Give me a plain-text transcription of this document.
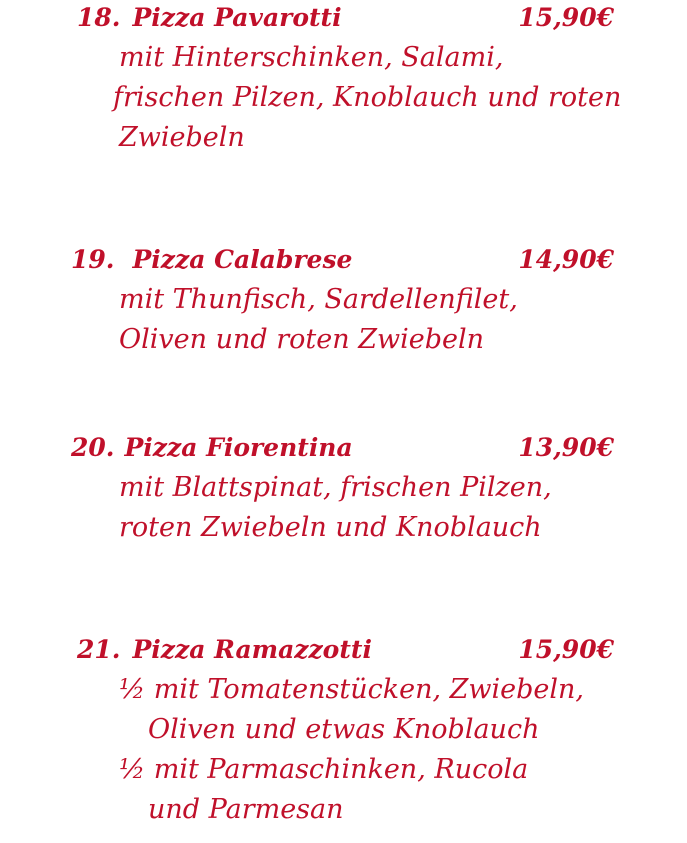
18. Pizza Pavarotti	15,90€
mit Hinterschinken, Salami,
frischen Pilzen, Knoblauch und roten
Zwiebeln
19. Pizza Calabrese	14,90€
mit Thunfisch, Sardellenfilet,
Oliven und roten Zwiebeln
20. Pizza Fiorentina	13,90€
mit Blattspinat, frischen Pilzen,
roten Zwiebeln und Knoblauch
21. Pizza Ramazzotti	15,90€
½ mit Tomatenstücken, Zwiebeln,
Oliven und etwas Knoblauch
½ mit Parmaschinken, Rucola
und Parmesan
